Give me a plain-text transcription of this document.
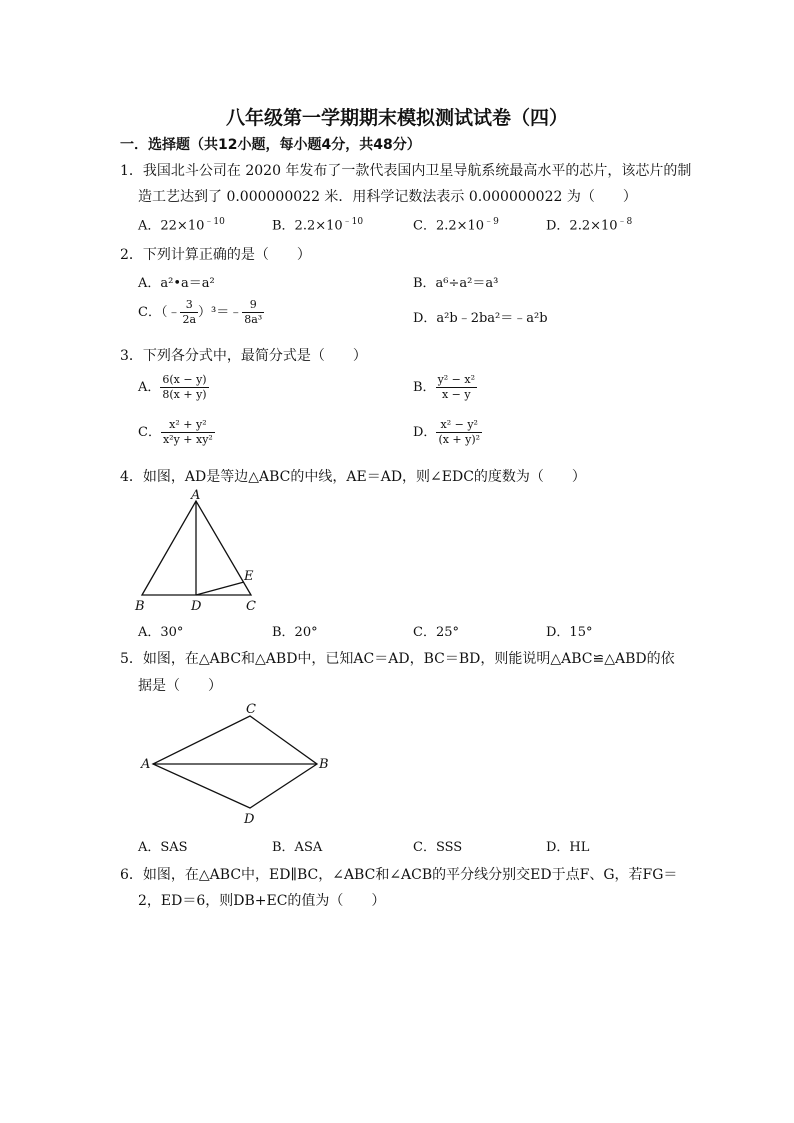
八年级第一学期期末模拟测试试卷（四）
一．选择题（共12小题，每小题4分，共48分）
1．我国北斗公司在 2020 年发布了一款代表国内卫星导航系统最高水平的芯片，该芯片的制
造工艺达到了 0.000000022 米．用科学记数法表示 0.000000022 为（　　）
A．$22\times 10^{﹣10}$	B．$2.2\times 10^{﹣10}$	C．$2.2\times 10^{﹣9}$	D．$2.2\times 10^{﹣8}$
2．下列计算正确的是（　　）
A．a²•a＝a²	B．a⁶÷a²＝a³
C．（﹣ $\frac{3}{2a}$ ）³＝﹣ $\frac{9}{\text{8a³}}$	D．a²b﹣2ba²＝﹣a²b
3．下列各分式中，最简分式是（　　）
A． $\frac{6(x - y)}{8(x + y)}$	B． $\frac{\text{y² − x²}}{x - y}$
C． $\frac{\text{x² + y²}}{\text{x²y + xy²}}$	D． $\frac{\text{x² − y²}}{\text{(x + y)²}}$
4．如图，AD是等边△ABC的中线，AE＝AD，则∠EDC的度数为（　　）
A
B	D	C
E
A．30°	B．20°	C．25°	D．15°
5．如图，在△ABC和△ABD中，已知AC＝AD，BC＝BD，则能说明△ABC≌△ABD的依
据是（　　）
A
C
B
D
A．SAS	B．ASA	C．SSS	D．HL
6．如图，在△ABC中，ED∥BC，∠ABC和∠ACB的平分线分别交ED于点F、G，若FG＝
2，ED＝6，则DB+EC的值为（　　）
